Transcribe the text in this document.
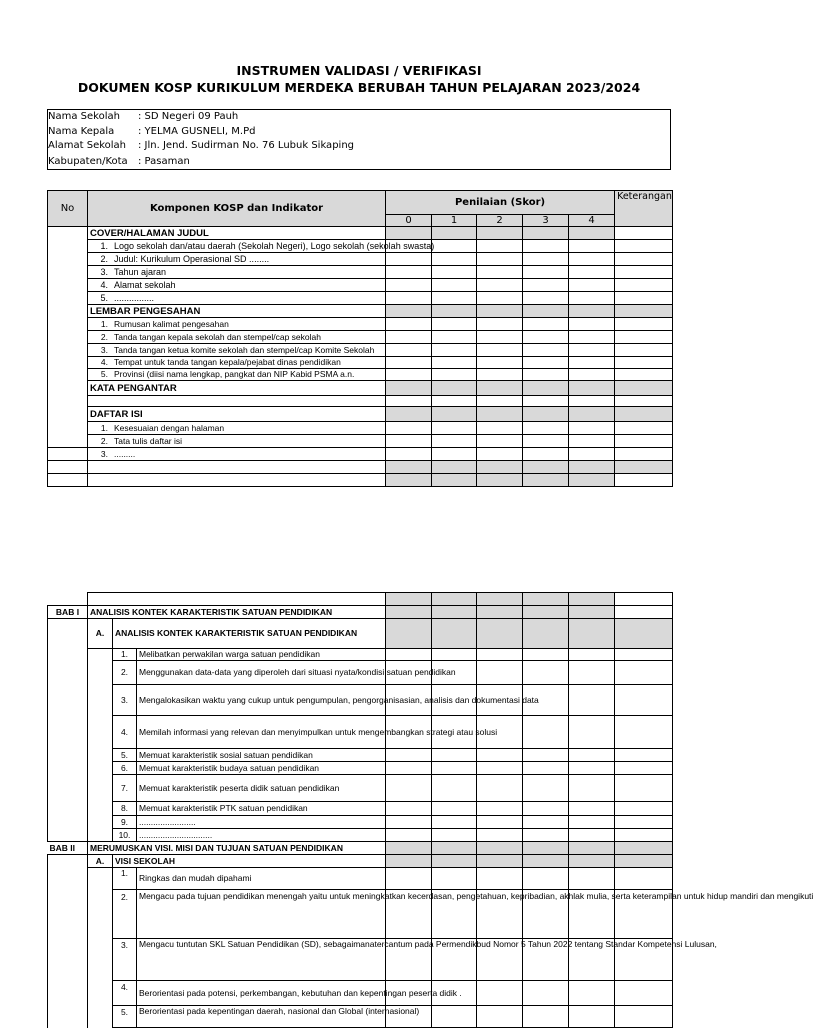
INSTRUMEN VALIDASI / VERIFIKASI
DOKUMEN KOSP KURIKULUM MERDEKA BERUBAH TAHUN PELAJARAN 2023/2024
Nama Sekolah : SD Negeri 09 Pauh
Nama Kepala : YELMA GUSNELI, M.Pd
Alamat Sekolah : Jln. Jend. Sudirman No. 76 Lubuk Sikaping
Kabupaten/Kota : Pasaman
No	Komponen KOSP dan Indikator	Penilaian (Skor)					Keterangan
		0	1	2	3	4	
	COVER/HALAMAN JUDUL						
	1. Logo sekolah dan/atau daerah (Sekolah Negeri), Logo sekolah (sekolah swasta)						
	2. Judul: Kurikulum Operasional SD ........						
	3. Tahun ajaran						
	4. Alamat sekolah						
	5. ................						
	LEMBAR PENGESAHAN						
	1. Rumusan kalimat pengesahan						
	2. Tanda tangan kepala sekolah dan stempel/cap sekolah						
	3. Tanda tangan ketua komite sekolah dan stempel/cap Komite Sekolah						
	4. Tempat untuk tanda tangan kepala/pejabat dinas pendidikan						
	5. Provinsi (diisi nama lengkap, pangkat dan NIP Kabid PSMA a.n.						
	KATA PENGANTAR						

	DAFTAR ISI						
	1. Kesesuaian dengan halaman						
	2. Tata tulis daftar isi						
	3. .........						

BAB I	ANALISIS KONTEK KARAKTERISTIK SATUAN PENDIDIKAN								
	A.	ANALISIS KONTEK KARAKTERISTIK SATUAN PENDIDIKAN							
		1.	Melibatkan perwakilan warga satuan pendidikan						
		2.	Menggunakan data-data yang diperoleh dari situasi nyata/kondisi satuan pendidikan						
		3.	Mengalokasikan waktu yang cukup untuk pengumpulan, pengorganisasian, analisis dan dokumentasi data						
		4.	Memilah informasi yang relevan dan menyimpulkan untuk mengembangkan strategi atau solusi						
		5.	Memuat karakteristik sosial satuan pendidikan						
		6.	Memuat karakteristik budaya satuan pendidikan						
		7.	Memuat karakteristik peserta didik satuan pendidikan						
		8.	Memuat karakteristik PTK satuan pendidikan						
		9.	........................						
		10.	...............................						
BAB II	MERUMUSKAN VISI. MISI DAN TUJUAN SATUAN PENDIDIKAN								
	A.	VISI SEKOLAH							
		1.	Ringkas dan mudah dipahami						
		2.	Mengacu pada tujuan pendidikan menengah yaitu untuk meningkatkan kecerdasan, pengetahuan, kepribadian, akhlak mulia, serta keterampilan untuk hidup mandiri dan mengikuti						
		3.	Mengacu tuntutan SKL Satuan Pendidikan (SD), sebagaimanatercantum pada Permendikbud Nomor 5 Tahun 2022 tentang Standar Kompetensi Lulusan,						
		4.	Berorientasi pada potensi, perkembangan, kebutuhan dan kepentingan peserta didik .						
		5.	Berorientasi pada kepentingan daerah, nasional dan Global (internasional)						
